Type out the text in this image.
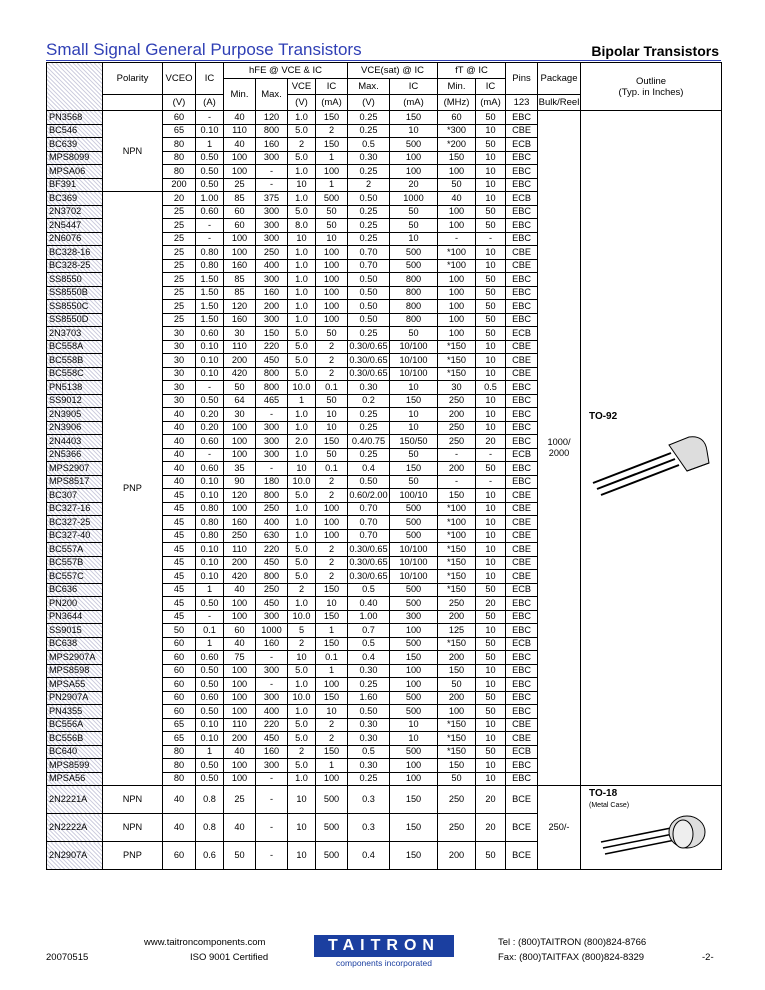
Small Signal General Purpose Transistors	Bipolar Transistors
	Polarity	VCEO	IC	hFE @ VCE & IC				VCE(sat) @ IC		fT @ IC		Pins	Package	Outline
(Typ. in Inches)

				Min.	Max.	VCE	IC	Max.	IC	Min.	IC			
		(V)	(A)			(V)	(mA)	(V)	(mA)	(MHz)	(mA)	123	Bulk/Reel	
PN3568	NPN	60	-	40	120	1.0	150	0.25	150	60	50	EBC	1000/
2000	TO-92

BC546		65	0.10	110	800	5.0	2	0.25	10	*300	10	CBE		
BC639		80	1	40	160	2	150	0.5	500	*200	50	ECB		
MPS8099		80	0.50	100	300	5.0	1	0.30	100	150	10	EBC		
MPSA06		80	0.50	100	-	1.0	100	0.25	100	100	10	EBC		
BF391		200	0.50	25	-	10	1	2	20	50	10	EBC		
BC369	PNP	20	1.00	85	375	1.0	500	0.50	1000	40	10	ECB		
2N3702		25	0.60	60	300	5.0	50	0.25	50	100	50	EBC		
2N5447		25	-	60	300	8.0	50	0.25	50	100	50	EBC		
2N6076		25	-	100	300	10	10	0.25	10	-	-	EBC		
BC328-16		25	0.80	100	250	1.0	100	0.70	500	*100	10	CBE		
BC328-25		25	0.80	160	400	1.0	100	0.70	500	*100	10	CBE		
SS8550		25	1.50	85	300	1.0	100	0.50	800	100	50	EBC		
SS8550B		25	1.50	85	160	1.0	100	0.50	800	100	50	EBC		
SS8550C		25	1.50	120	200	1.0	100	0.50	800	100	50	EBC		
SS8550D		25	1.50	160	300	1.0	100	0.50	800	100	50	EBC		
2N3703		30	0.60	30	150	5.0	50	0.25	50	100	50	ECB		
BC558A		30	0.10	110	220	5.0	2	0.30/0.65	10/100	*150	10	CBE		
BC558B		30	0.10	200	450	5.0	2	0.30/0.65	10/100	*150	10	CBE		
BC558C		30	0.10	420	800	5.0	2	0.30/0.65	10/100	*150	10	CBE		
PN5138		30	-	50	800	10.0	0.1	0.30	10	30	0.5	EBC		
SS9012		30	0.50	64	465	1	50	0.2	150	250	10	EBC		
2N3905		40	0.20	30	-	1.0	10	0.25	10	200	10	EBC		
2N3906		40	0.20	100	300	1.0	10	0.25	10	250	10	EBC		
2N4403		40	0.60	100	300	2.0	150	0.4/0.75	150/50	250	20	EBC		
2N5366		40	-	100	300	1.0	50	0.25	50	-	-	ECB		
MPS2907		40	0.60	35	-	10	0.1	0.4	150	200	50	EBC		
MPS8517		40	0.10	90	180	10.0	2	0.50	50	-	-	EBC		
BC307		45	0.10	120	800	5.0	2	0.60/2.00	100/10	150	10	CBE		
BC327-16		45	0.80	100	250	1.0	100	0.70	500	*100	10	CBE		
BC327-25		45	0.80	160	400	1.0	100	0.70	500	*100	10	CBE		
BC327-40		45	0.80	250	630	1.0	100	0.70	500	*100	10	CBE		
BC557A		45	0.10	110	220	5.0	2	0.30/0.65	10/100	*150	10	CBE		
BC557B		45	0.10	200	450	5.0	2	0.30/0.65	10/100	*150	10	CBE		
BC557C		45	0.10	420	800	5.0	2	0.30/0.65	10/100	*150	10	CBE		
BC636		45	1	40	250	2	150	0.5	500	*150	50	ECB		
PN200		45	0.50	100	450	1.0	10	0.40	500	250	20	EBC		
PN3644		45	-	100	300	10.0	150	1.00	300	200	50	EBC		
SS9015		50	0.1	60	1000	5	1	0.7	100	125	10	EBC		
BC638		60	1	40	160	2	150	0.5	500	*150	50	ECB		
MPS2907A		60	0.60	75	-	10	0.1	0.4	150	200	50	EBC		
MPS8598		60	0.50	100	300	5.0	1	0.30	100	150	10	EBC		
MPSA55		60	0.50	100	-	1.0	100	0.25	100	50	10	EBC		
PN2907A		60	0.60	100	300	10.0	150	1.60	500	200	50	EBC		
PN4355		60	0.50	100	400	1.0	10	0.50	500	100	50	EBC		
BC556A		65	0.10	110	220	5.0	2	0.30	10	*150	10	CBE		
BC556B		65	0.10	200	450	5.0	2	0.30	10	*150	10	CBE		
BC640		80	1	40	160	2	150	0.5	500	*150	50	ECB		
MPS8599		80	0.50	100	300	5.0	1	0.30	100	150	10	EBC		
MPSA56		80	0.50	100	-	1.0	100	0.25	100	50	10	EBC		
2N2221A	NPN	40	0.8	25	-	10	500	0.3	150	250	20	BCE	250/-	TO-18
(Metal Case)

2N2222A	NPN	40	0.8	40	-	10	500	0.3	150	250	20	BCE		
2N2907A	PNP	60	0.6	50	-	10	500	0.4	150	200	50	BCE		
www.taitroncomponents.com
20070515	ISO 9001 Certified
TAITRON
components incorporated
Tel : (800)TAITRON (800)824-8766
Fax: (800)TAITFAX (800)824-8329	-2-
